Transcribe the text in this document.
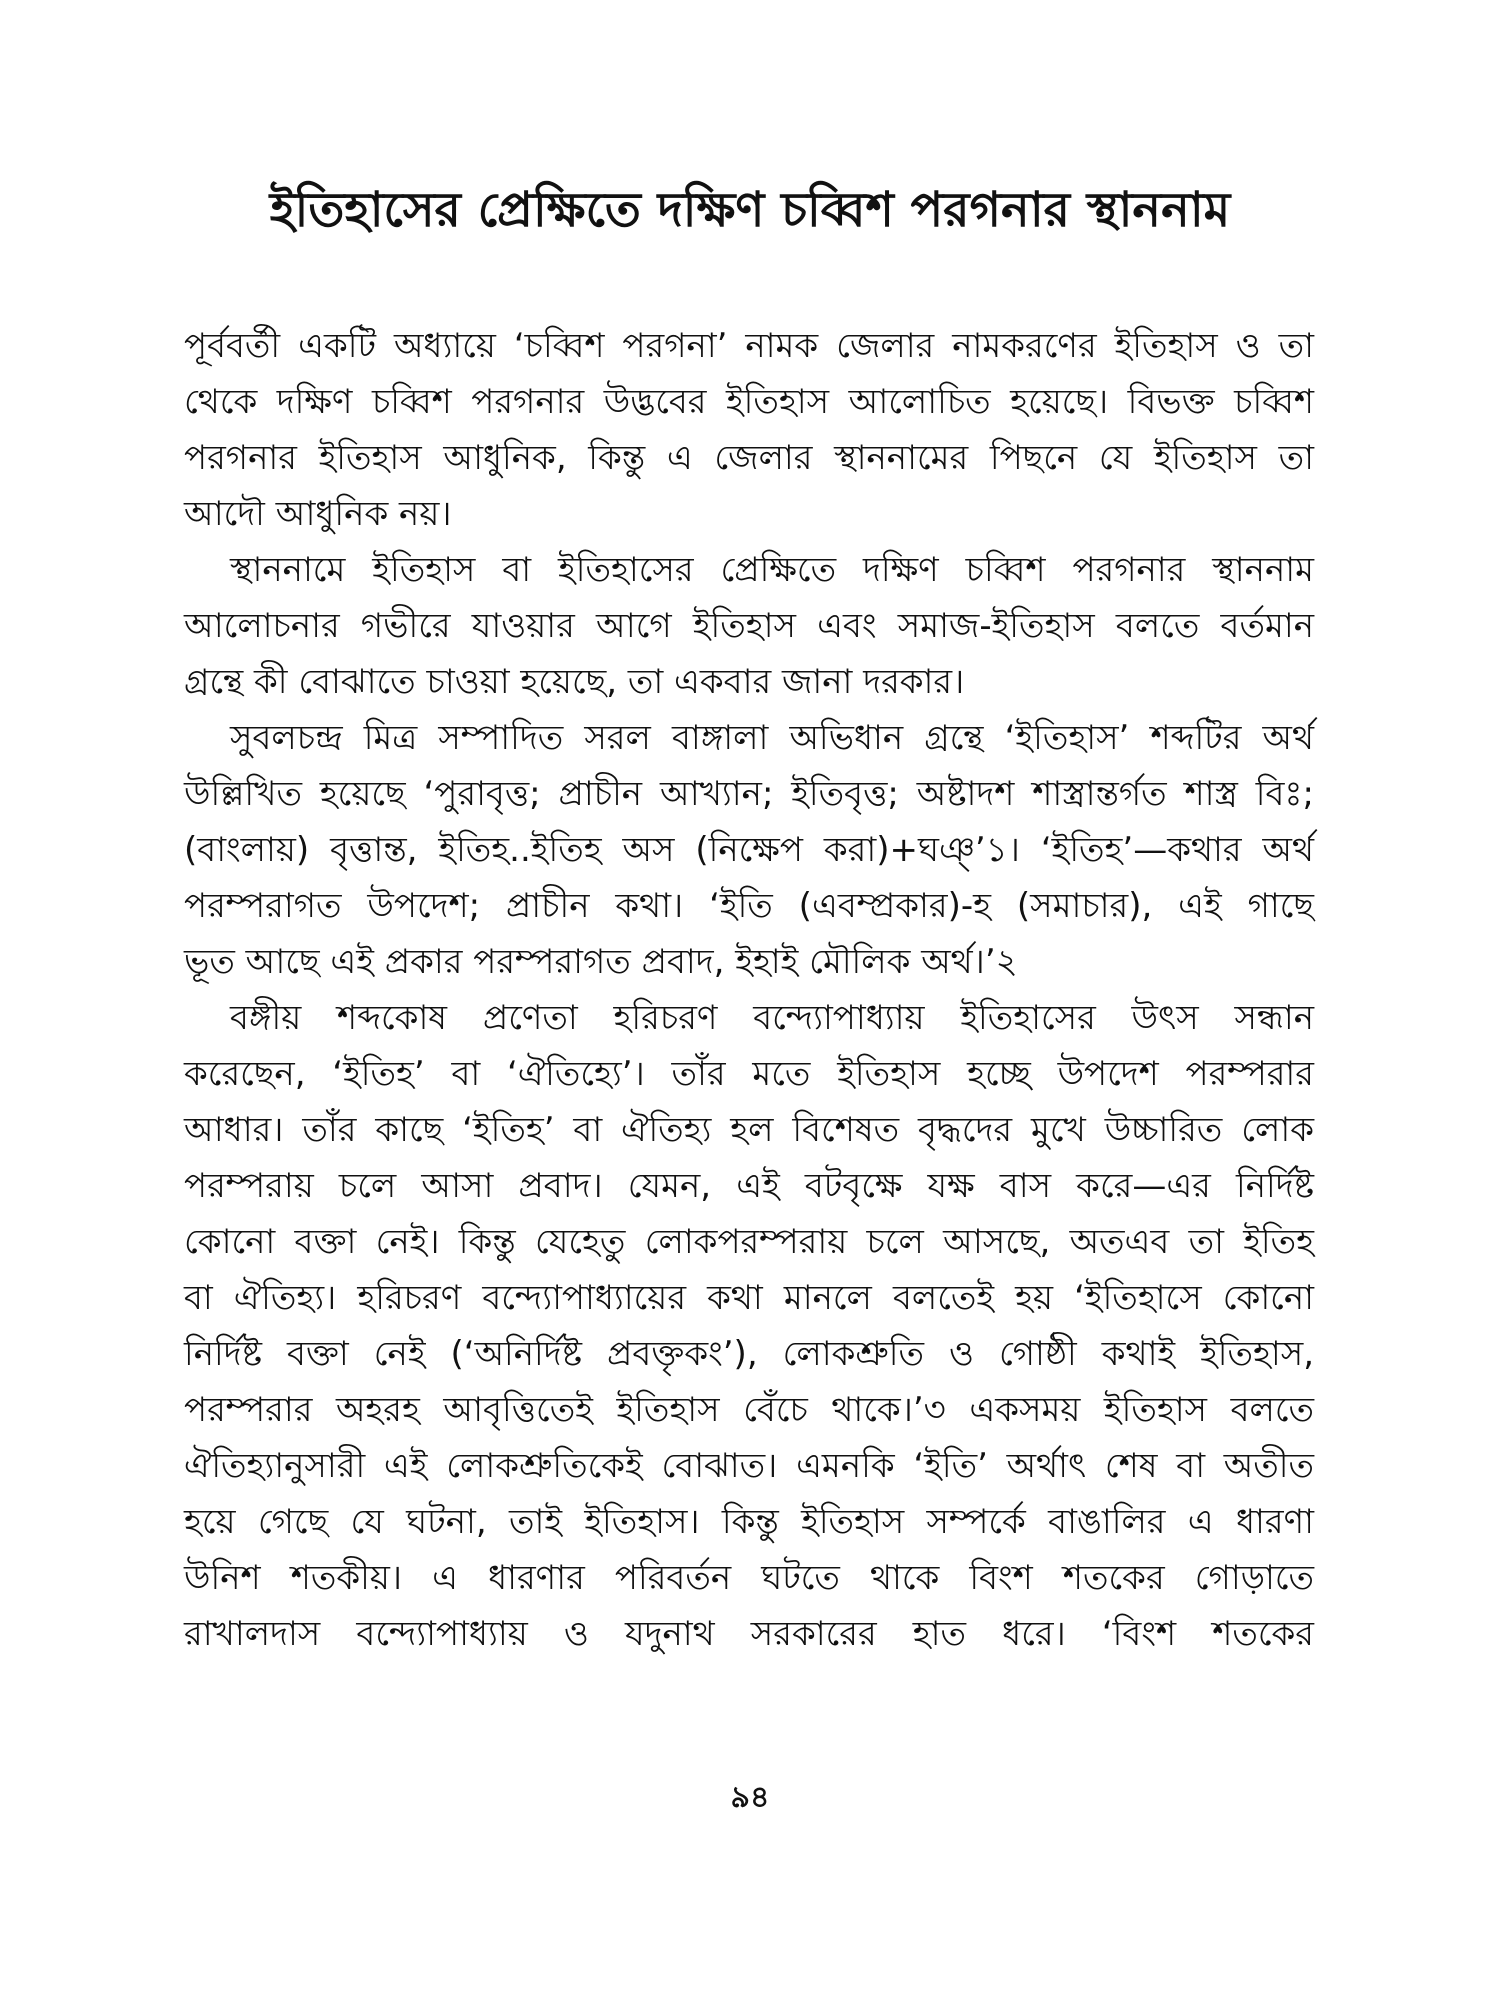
ইতিহাসের প্রেক্ষিতে দক্ষিণ চব্বিশ পরগনার স্থাননাম
পূর্ববর্তী একটি অধ্যায়ে ‘চব্বিশ পরগনা’ নামক জেলার নামকরণের ইতিহাস ও তা
থেকে দক্ষিণ চব্বিশ পরগনার উদ্ভবের ইতিহাস আলোচিত হয়েছে। বিভক্ত চব্বিশ
পরগনার ইতিহাস আধুনিক, কিন্তু এ জেলার স্থাননামের পিছনে যে ইতিহাস তা
আদৌ আধুনিক নয়।
স্থাননামে ইতিহাস বা ইতিহাসের প্রেক্ষিতে দক্ষিণ চব্বিশ পরগনার স্থাননাম
আলোচনার গভীরে যাওয়ার আগে ইতিহাস এবং সমাজ-ইতিহাস বলতে বর্তমান
গ্রন্থে কী বোঝাতে চাওয়া হয়েছে, তা একবার জানা দরকার।
সুবলচন্দ্র মিত্র সম্পাদিত সরল বাঙ্গালা অভিধান গ্রন্থে ‘ইতিহাস’ শব্দটির অর্থ
উল্লিখিত হয়েছে ‘পুরাবৃত্ত; প্রাচীন আখ্যান; ইতিবৃত্ত; অষ্টাদশ শাস্ত্রান্তর্গত শাস্ত্র বিঃ;
(বাংলায়) বৃত্তান্ত, ইতিহ..ইতিহ অস (নিক্ষেপ করা)+ঘঞ্’১। ‘ইতিহ’—কথার অর্থ
পরম্পরাগত উপদেশ; প্রাচীন কথা। ‘ইতি (এবম্প্রকার)-হ (সমাচার), এই গাছে
ভূত আছে এই প্রকার পরম্পরাগত প্রবাদ, ইহাই মৌলিক অর্থ।’২
বঙ্গীয় শব্দকোষ প্রণেতা হরিচরণ বন্দ্যোপাধ্যায় ইতিহাসের উৎস সন্ধান
করেছেন, ‘ইতিহ’ বা ‘ঐতিহ্যে’। তাঁর মতে ইতিহাস হচ্ছে উপদেশ পরম্পরার
আধার। তাঁর কাছে ‘ইতিহ’ বা ঐতিহ্য হল বিশেষত বৃদ্ধদের মুখে উচ্চারিত লোক
পরম্পরায় চলে আসা প্রবাদ। যেমন, এই বটবৃক্ষে যক্ষ বাস করে—এর নির্দিষ্ট
কোনো বক্তা নেই। কিন্তু যেহেতু লোকপরম্পরায় চলে আসছে, অতএব তা ইতিহ
বা ঐতিহ্য। হরিচরণ বন্দ্যোপাধ্যায়ের কথা মানলে বলতেই হয় ‘ইতিহাসে কোনো
নির্দিষ্ট বক্তা নেই (‘অনির্দিষ্ট প্রবক্তৃকং’), লোকশ্রুতি ও গোষ্ঠী কথাই ইতিহাস,
পরম্পরার অহরহ আবৃত্তিতেই ইতিহাস বেঁচে থাকে।’৩ একসময় ইতিহাস বলতে
ঐতিহ্যানুসারী এই লোকশ্রুতিকেই বোঝাত। এমনকি ‘ইতি’ অর্থাৎ শেষ বা অতীত
হয়ে গেছে যে ঘটনা, তাই ইতিহাস। কিন্তু ইতিহাস সম্পর্কে বাঙালির এ ধারণা
উনিশ শতকীয়। এ ধারণার পরিবর্তন ঘটতে থাকে বিংশ শতকের গোড়াতে
রাখালদাস বন্দ্যোপাধ্যায় ও যদুনাথ সরকারের হাত ধরে। ‘বিংশ শতকের
৯৪
